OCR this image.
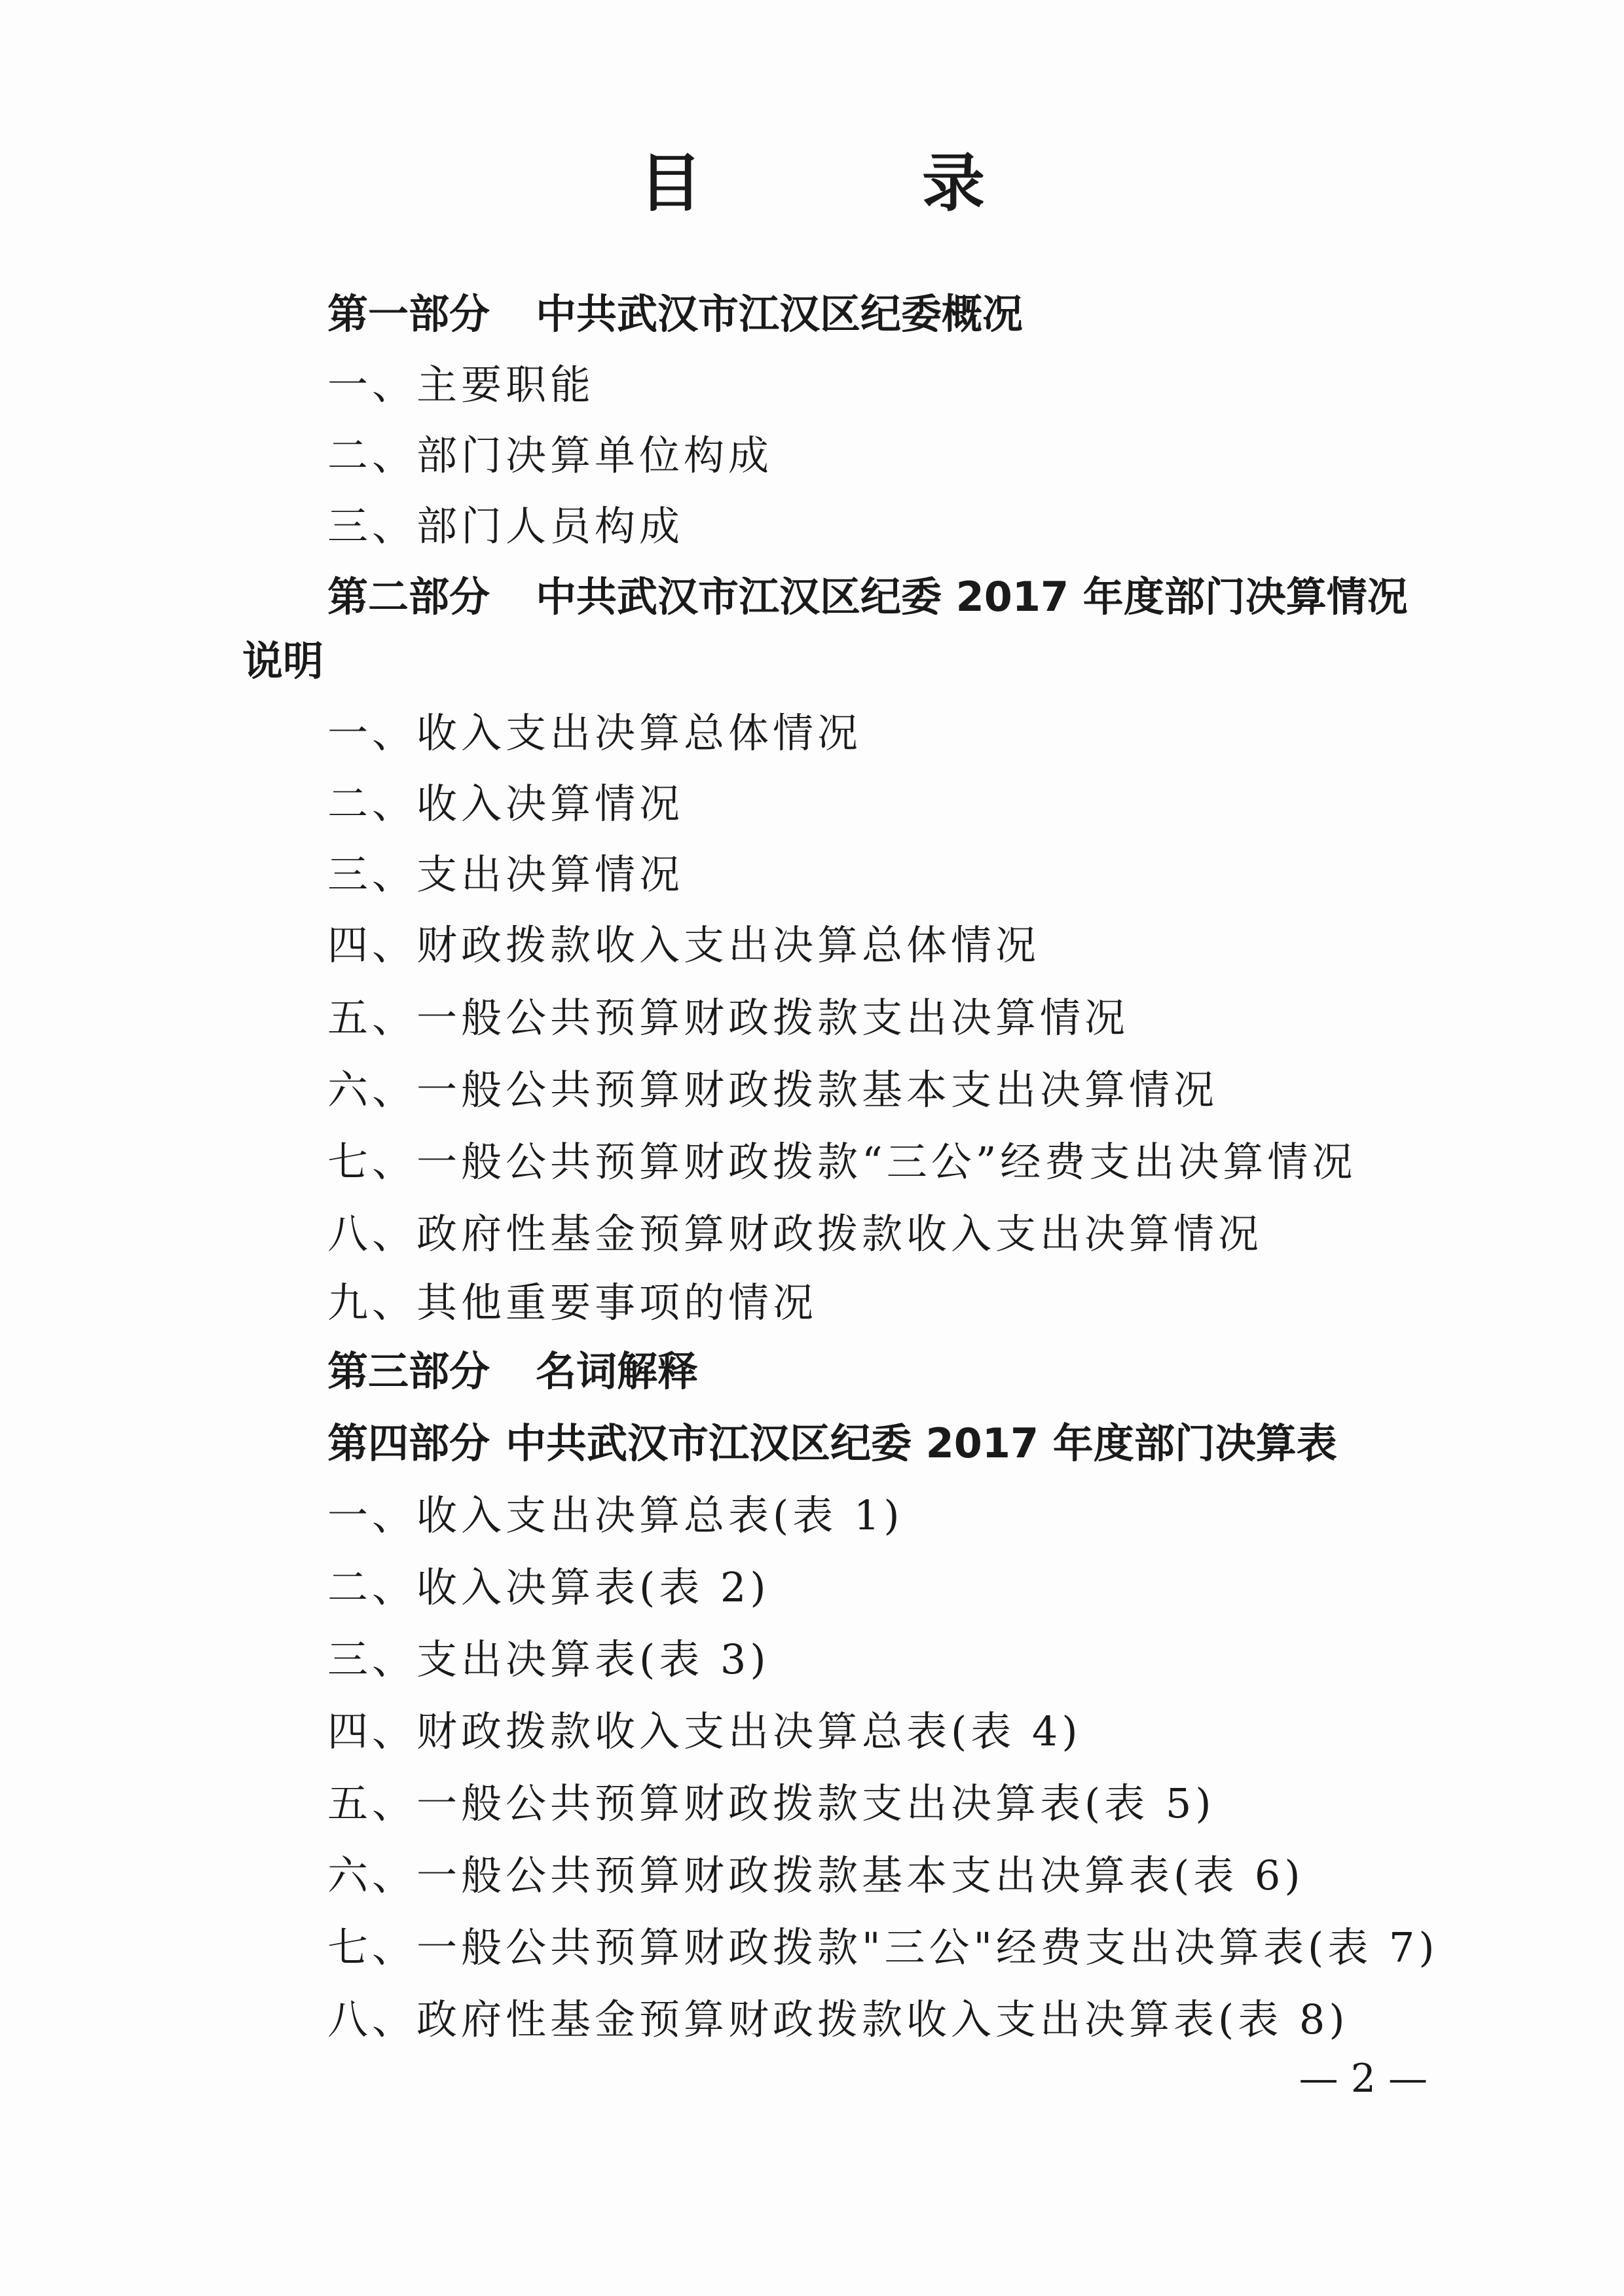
目　录
第一部分 中共武汉市江汉区纪委概况
一、主要职能
二、部门决算单位构成
三、部门人员构成
第二部分 中共武汉市江汉区纪委 2017 年度部门决算情况
说明
一、收入支出决算总体情况
二、收入决算情况
三、支出决算情况
四、财政拨款收入支出决算总体情况
五、一般公共预算财政拨款支出决算情况
六、一般公共预算财政拨款基本支出决算情况
七、一般公共预算财政拨款“三公”经费支出决算情况
八、政府性基金预算财政拨款收入支出决算情况
九、其他重要事项的情况
第三部分 名词解释
第四部分 中共武汉市江汉区纪委 2017 年度部门决算表
一、收入支出决算总表(表 1)
二、收入决算表(表 2)
三、支出决算表(表 3)
四、财政拨款收入支出决算总表(表 4)
五、一般公共预算财政拨款支出决算表(表 5)
六、一般公共预算财政拨款基本支出决算表(表 6)
七、一般公共预算财政拨款"三公"经费支出决算表(表 7)
八、政府性基金预算财政拨款收入支出决算表(表 8)
— 2 —
